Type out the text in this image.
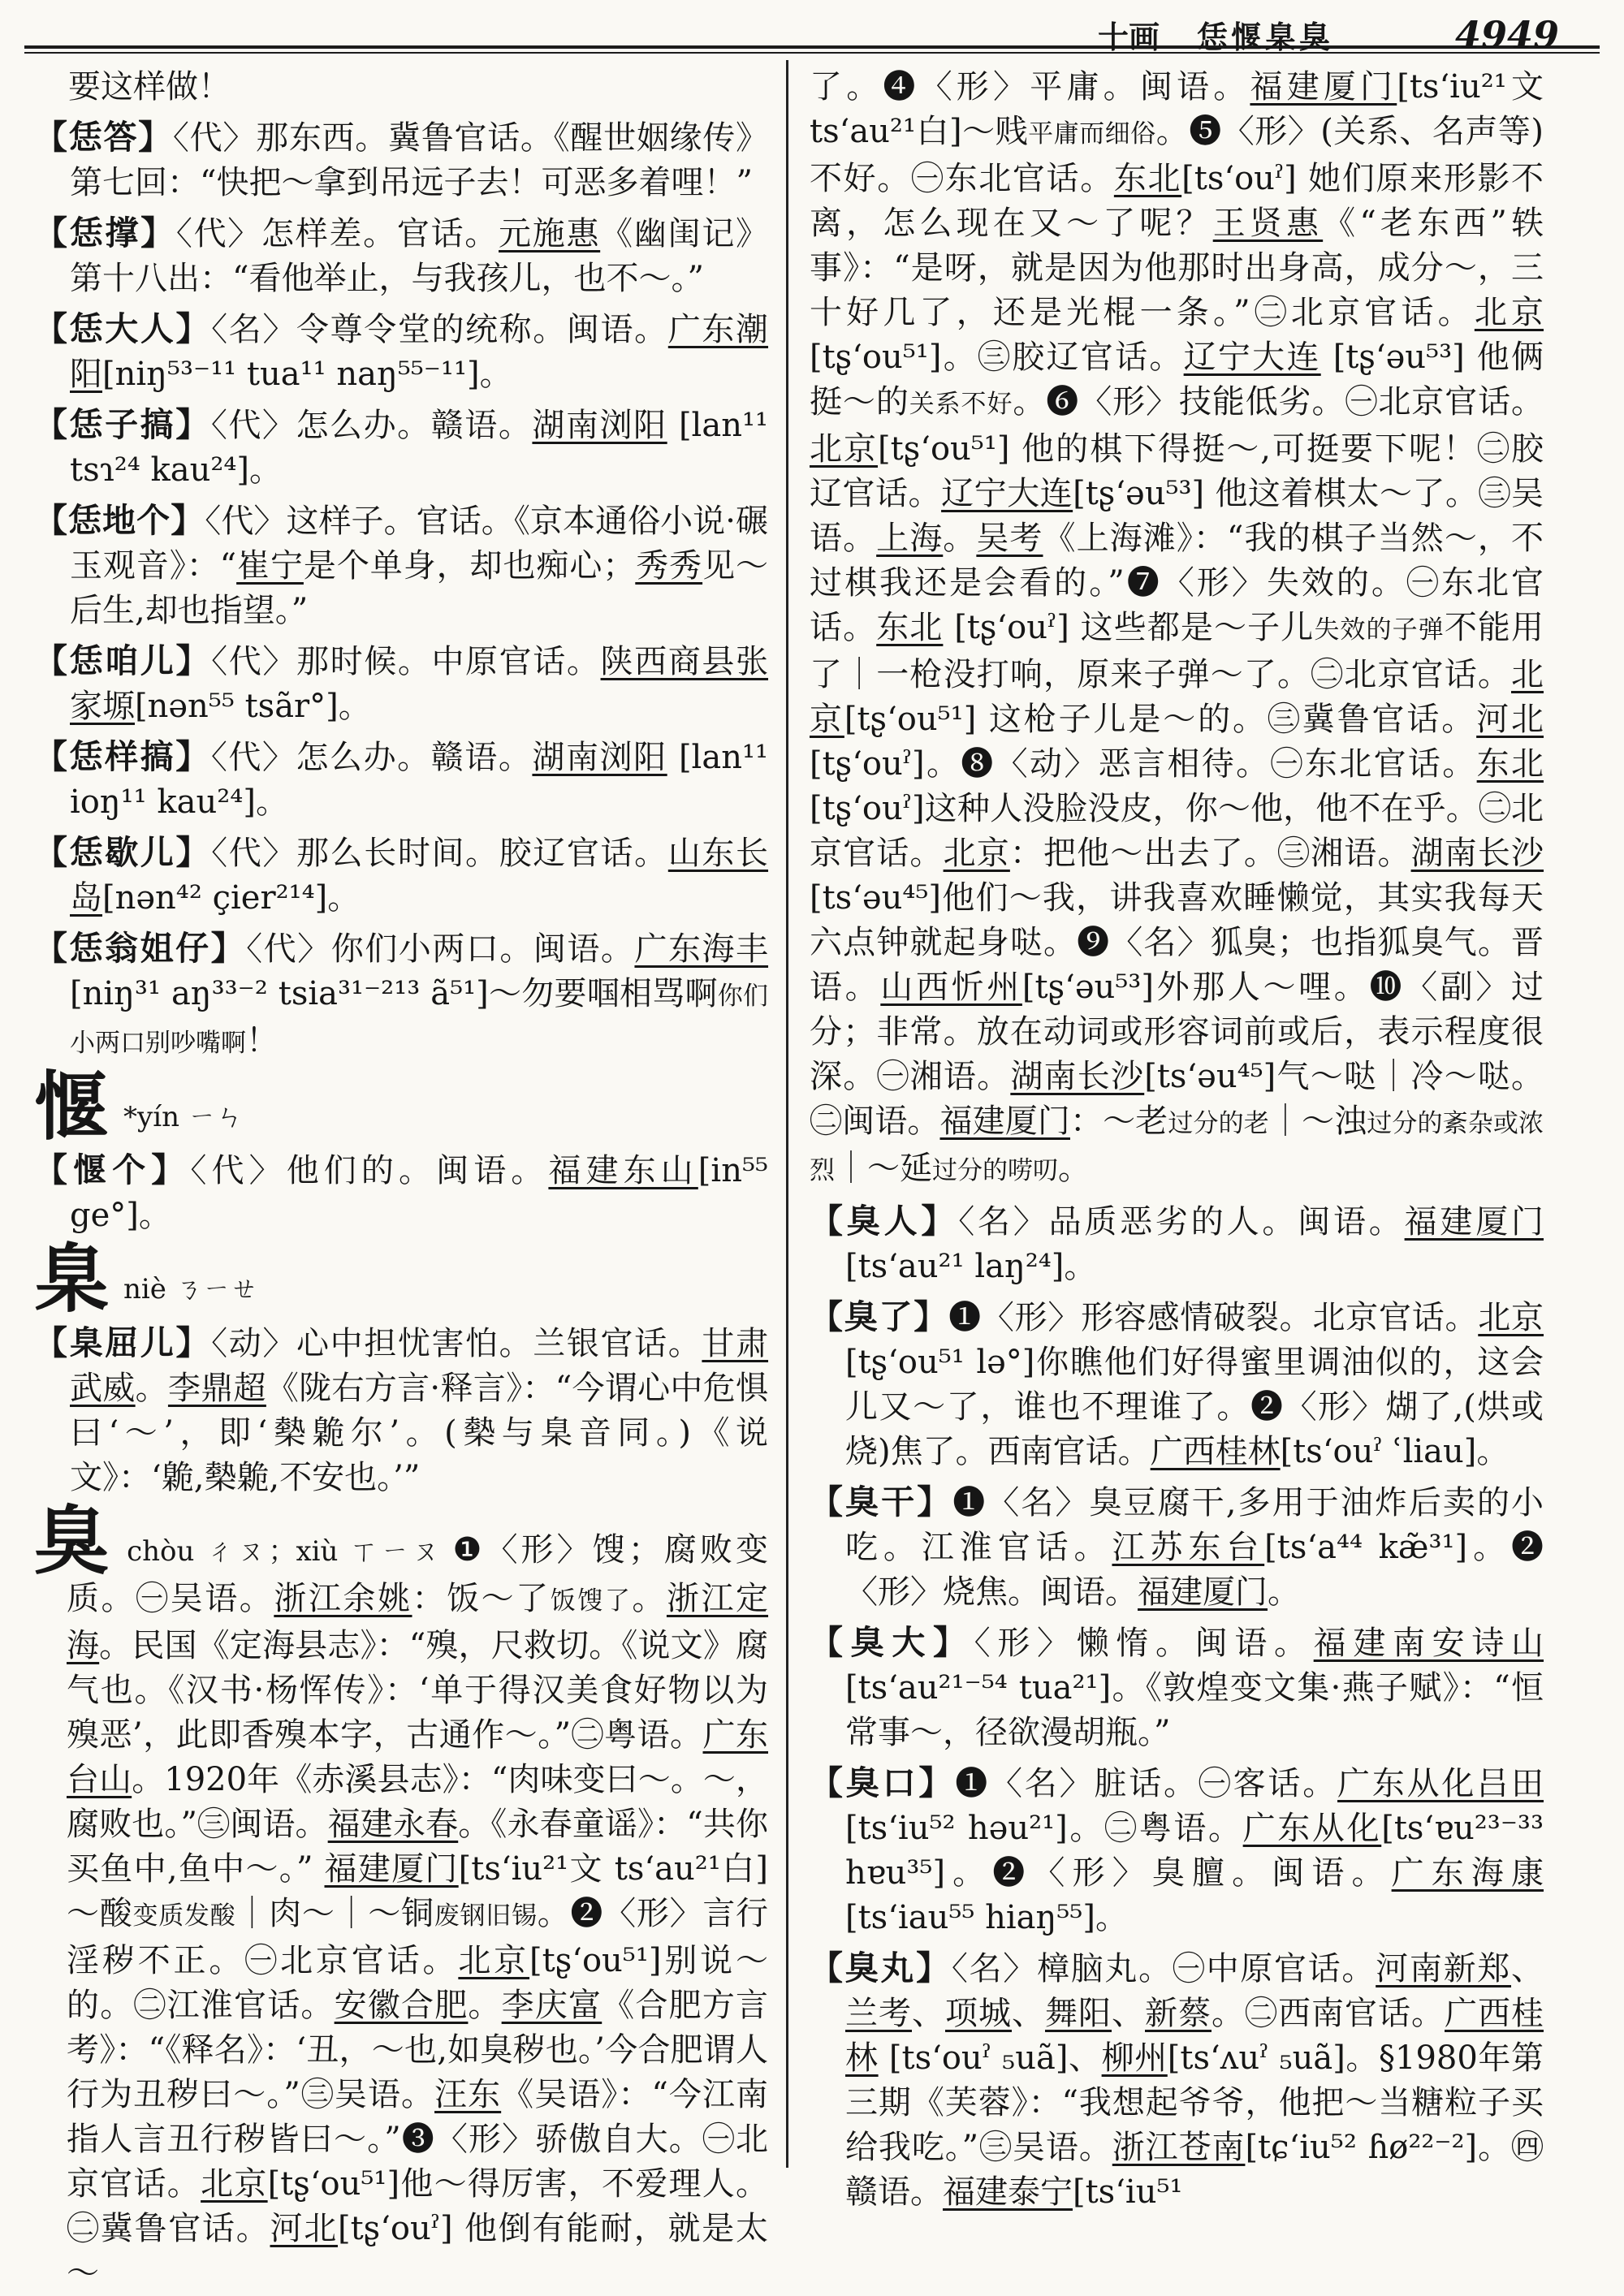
十画 恁愝臬臭	4949

要这样做！

【恁答】〈代〉那东西。冀鲁官话。《醒世姻缘传》第七回：“快把～拿到吊远子去！可恶多着哩！”

【恁撑】〈代〉怎样差。官话。元施惠《幽闺记》第十八出：“看他举止，与我孩儿，也不～。”

【恁大人】〈名〉令尊令堂的统称。闽语。广东潮阳[niŋ⁵³⁻¹¹ tua¹¹ naŋ⁵⁵⁻¹¹]。

【恁子搞】〈代〉怎么办。赣语。湖南浏阳 [lan¹¹ tsɿ²⁴ kau²⁴]。

【恁地个】〈代〉这样子。官话。《京本通俗小说·碾玉观音》：“崔宁是个单身，却也痴心；秀秀见～后生,却也指望。”

【恁咱儿】〈代〉那时候。中原官话。陕西商县张家塬[nən⁵⁵ tsãr°]。

【恁样搞】〈代〉怎么办。赣语。湖南浏阳 [lan¹¹ ioŋ¹¹ kau²⁴]。

【恁歇儿】〈代〉那么长时间。胶辽官话。山东长岛[nən⁴² çier²¹⁴]。

【恁翁姐仔】〈代〉你们小两口。闽语。广东海丰[niŋ³¹ aŋ³³⁻² tsia³¹⁻²¹³ ã⁵¹]～勿要啯相骂啊你们小两口别吵嘴啊！

愝 *yín ㄧㄣ

【愝个】〈代〉他们的。闽语。福建东山[in⁵⁵ ge°]。

臬niè ㄋㄧㄝ

【臬屈儿】〈动〉心中担忧害怕。兰银官话。甘肃武威。李鼎超《陇右方言·释言》：“今谓心中危惧曰‘～’，即‘槷臲尔’。(槷与臬音同。)《说文》：‘臲,槷臲,不安也。’”

臭chòu ㄔㄡ；xiù ㄒㄧㄡ ❶〈形〉馊；腐败变质。㊀吴语。浙江余姚：饭～了饭馊了。浙江定海。民国《定海县志》：“殠，尺救切。《说文》腐气也。《汉书·杨恽传》：‘单于得汉美食好物以为殠恶’，此即香殠本字，古通作～。”㊁粤语。广东台山。1920年《赤溪县志》：“肉味变曰～。～，腐败也。”㊂闽语。福建永春。《永春童谣》：“共你买鱼中,鱼中～。” 福建厦门[tsʻiu²¹文 tsʻau²¹白]～酸变质发酸｜肉～｜～铜废钢旧锡。❷〈形〉言行淫秽不正。㊀北京官话。北京[tʂʻou⁵¹]别说～的。㊁江淮官话。安徽合肥。李庆富《合肥方言考》：“《释名》：‘丑，～也,如臭秽也。’今合肥谓人行为丑秽曰～。”㊂吴语。汪东《吴语》：“今江南指人言丑行秽皆曰～。”❸〈形〉骄傲自大。㊀北京官话。北京[tʂʻou⁵¹]他～得厉害，不爱理人。㊁冀鲁官话。河北[tʂʻouˀ] 他倒有能耐，就是太～

了。❹〈形〉平庸。闽语。福建厦门[tsʻiu²¹文 tsʻau²¹白]～贱平庸而细俗。❺〈形〉(关系、名声等)不好。㊀东北官话。东北[tsʻouˀ] 她们原来形影不离，怎么现在又～了呢？王贤惠《“老东西”轶事》：“是呀，就是因为他那时出身高，成分～，三十好几了，还是光棍一条。”㊁北京官话。北京 [tʂʻou⁵¹]。㊂胶辽官话。辽宁大连 [tʂʻəu⁵³] 他俩挺～的关系不好。❻〈形〉技能低劣。㊀北京官话。北京[tʂʻou⁵¹] 他的棋下得挺～,可挺要下呢！㊁胶辽官话。辽宁大连[tʂʻəu⁵³] 他这着棋太～了。㊂吴语。上海。吴考《上海滩》：“我的棋子当然～，不过棋我还是会看的。”❼〈形〉失效的。㊀东北官话。东北 [tʂʻouˀ] 这些都是～子儿失效的子弹不能用了｜一枪没打响，原来子弹～了。㊁北京官话。北京[tʂʻou⁵¹] 这枪子儿是～的。㊂冀鲁官话。河北[tʂʻouˀ]。❽〈动〉恶言相待。㊀东北官话。东北[tʂʻouˀ]这种人没脸没皮，你～他，他不在乎。㊁北京官话。北京：把他～出去了。㊂湘语。湖南长沙[tsʻəu⁴⁵]他们～我，讲我喜欢睡懒觉，其实我每天六点钟就起身哒。❾〈名〉狐臭；也指狐臭气。晋语。山西忻州[tʂʻəu⁵³]外那人～哩。❿〈副〉过分；非常。放在动词或形容词前或后，表示程度很深。㊀湘语。湖南长沙[tsʻəu⁴⁵]气～哒｜冷～哒。㊁闽语。福建厦门：～老过分的老｜～浊过分的紊杂或浓烈｜～延过分的唠叨。

【臭人】〈名〉品质恶劣的人。闽语。福建厦门 [tsʻau²¹ laŋ²⁴]。

【臭了】❶〈形〉形容感情破裂。北京官话。北京[tʂʻou⁵¹ lə°]你瞧他们好得蜜里调油似的，这会儿又～了，谁也不理谁了。❷〈形〉煳了,(烘或烧)焦了。西南官话。广西桂林[tsʻouˀ ʿliau]。

【臭干】❶〈名〉臭豆腐干,多用于油炸后卖的小吃。江淮官话。江苏东台[tsʻa⁴⁴ kæ̃³¹]。❷〈形〉烧焦。闽语。福建厦门。

【臭大】〈形〉懒惰。闽语。福建南安诗山[tsʻau²¹⁻⁵⁴ tua²¹]。《敦煌变文集·燕子赋》：“恒常事～，径欲漫胡瓶。”

【臭口】❶〈名〉脏话。㊀客话。广东从化吕田 [tsʻiu⁵² həu²¹]。㊁粤语。广东从化[tsʻɐu²³⁻³³ hɐu³⁵]。❷〈形〉臭膻。闽语。广东海康[tsʻiau⁵⁵ hiaŋ⁵⁵]。

【臭丸】〈名〉樟脑丸。㊀中原官话。河南新郑、兰考、项城、舞阳、新蔡。㊁西南官话。广西桂林 [tsʻouˀ ₅uã]、柳州[tsʻʌuˀ ₅uã]。§1980年第三期《芙蓉》：“我想起爷爷，他把～当糖粒子买给我吃。”㊂吴语。浙江苍南[tɕʻiu⁵² ɦø²²⁻²]。㊃赣语。福建泰宁[tsʻiu⁵¹
